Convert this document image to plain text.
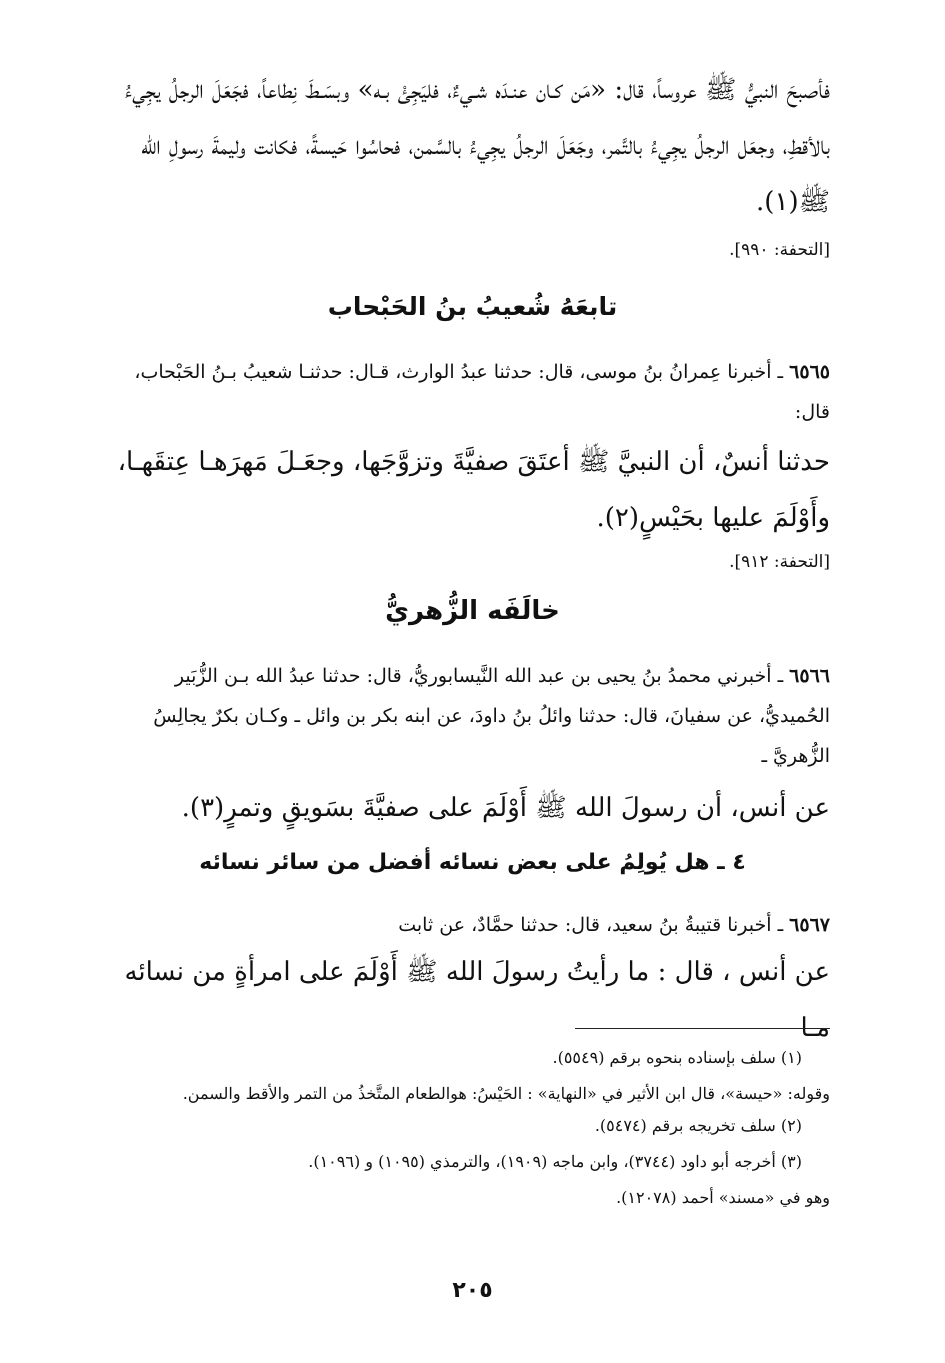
فأصبحَ النبيُّ ﷺ عروساً، قال: «مَن كـان عنـدَه شـيءٌ، فليَجِئْ بـه» وبسَـطَ نِطاعاً، فجَعَلَ الرجلُ يجِيءُ بالأقطِ، وجعَل الرجلُ يجِيءُ بالتَّمر، وجَعَلَ الرجلُ يجِيءُ بالسَّمن، فحاسُوا حَيسةً، فكانت وليمةَ رسولِ الله ﷺ(١).

[التحفة: ٩٩٠].
تابعَهُ شُعيبُ بنُ الحَبْحاب
٦٥٦٥ ـ أخبرنا عِمرانُ بنُ موسى، قال: حدثنا عبدُ الوارث، قـال: حدثنـا شعيبُ بـنُ الحَبْحاب، قال:

حدثنا أنسٌ، أن النبيَّ ﷺ أعتَقَ صفيَّةَ وتزوَّجَها، وجعَـلَ مَهرَهـا عِتقَهـا، وأَوْلَمَ عليها بحَيْسٍ(٢).

[التحفة: ٩١٢].
خالَفَه الزُّهريُّ
٦٥٦٦ ـ أخبرني محمدُ بنُ يحيى بن عبد الله النَّيسابوريُّ، قال: حدثنا عبدُ الله بـن الزُّبَير الحُميديُّ، عن سفيانَ، قال: حدثنا وائلُ بنُ داودَ، عن ابنه بكر بن وائل ـ وكـان بكرٌ يجالِسُ الزُّهريَّ ـ

عن أنس، أن رسولَ الله ﷺ أَوْلَمَ على صفيَّةَ بسَويقٍ وتمرٍ(٣).

٤ ـ هل يُولِمُ على بعض نسائه أفضل من سائر نسائه
٦٥٦٧ ـ أخبرنا قتيبةُ بنُ سعيد، قال: حدثنا حمَّادٌ، عن ثابت

عن أنس ، قال : ما رأيتُ رسولَ الله ﷺ أَوْلَمَ على امرأةٍ من نسائه مـا

(١) سلف بإسناده بنحوه برقم (٥٥٤٩).
وقوله: «حيسة»، قال ابن الأثير في «النهاية» : الحَيْسُ: هوالطعام المتَّخذُ من التمر والأقط والسمن.
(٢) سلف تخريجه برقم (٥٤٧٤).
(٣) أخرجه أبو داود (٣٧٤٤)، وابن ماجه (١٩٠٩)، والترمذي (١٠٩٥) و (١٠٩٦).
وهو في «مسند» أحمد (١٢٠٧٨).
٢٠٥
